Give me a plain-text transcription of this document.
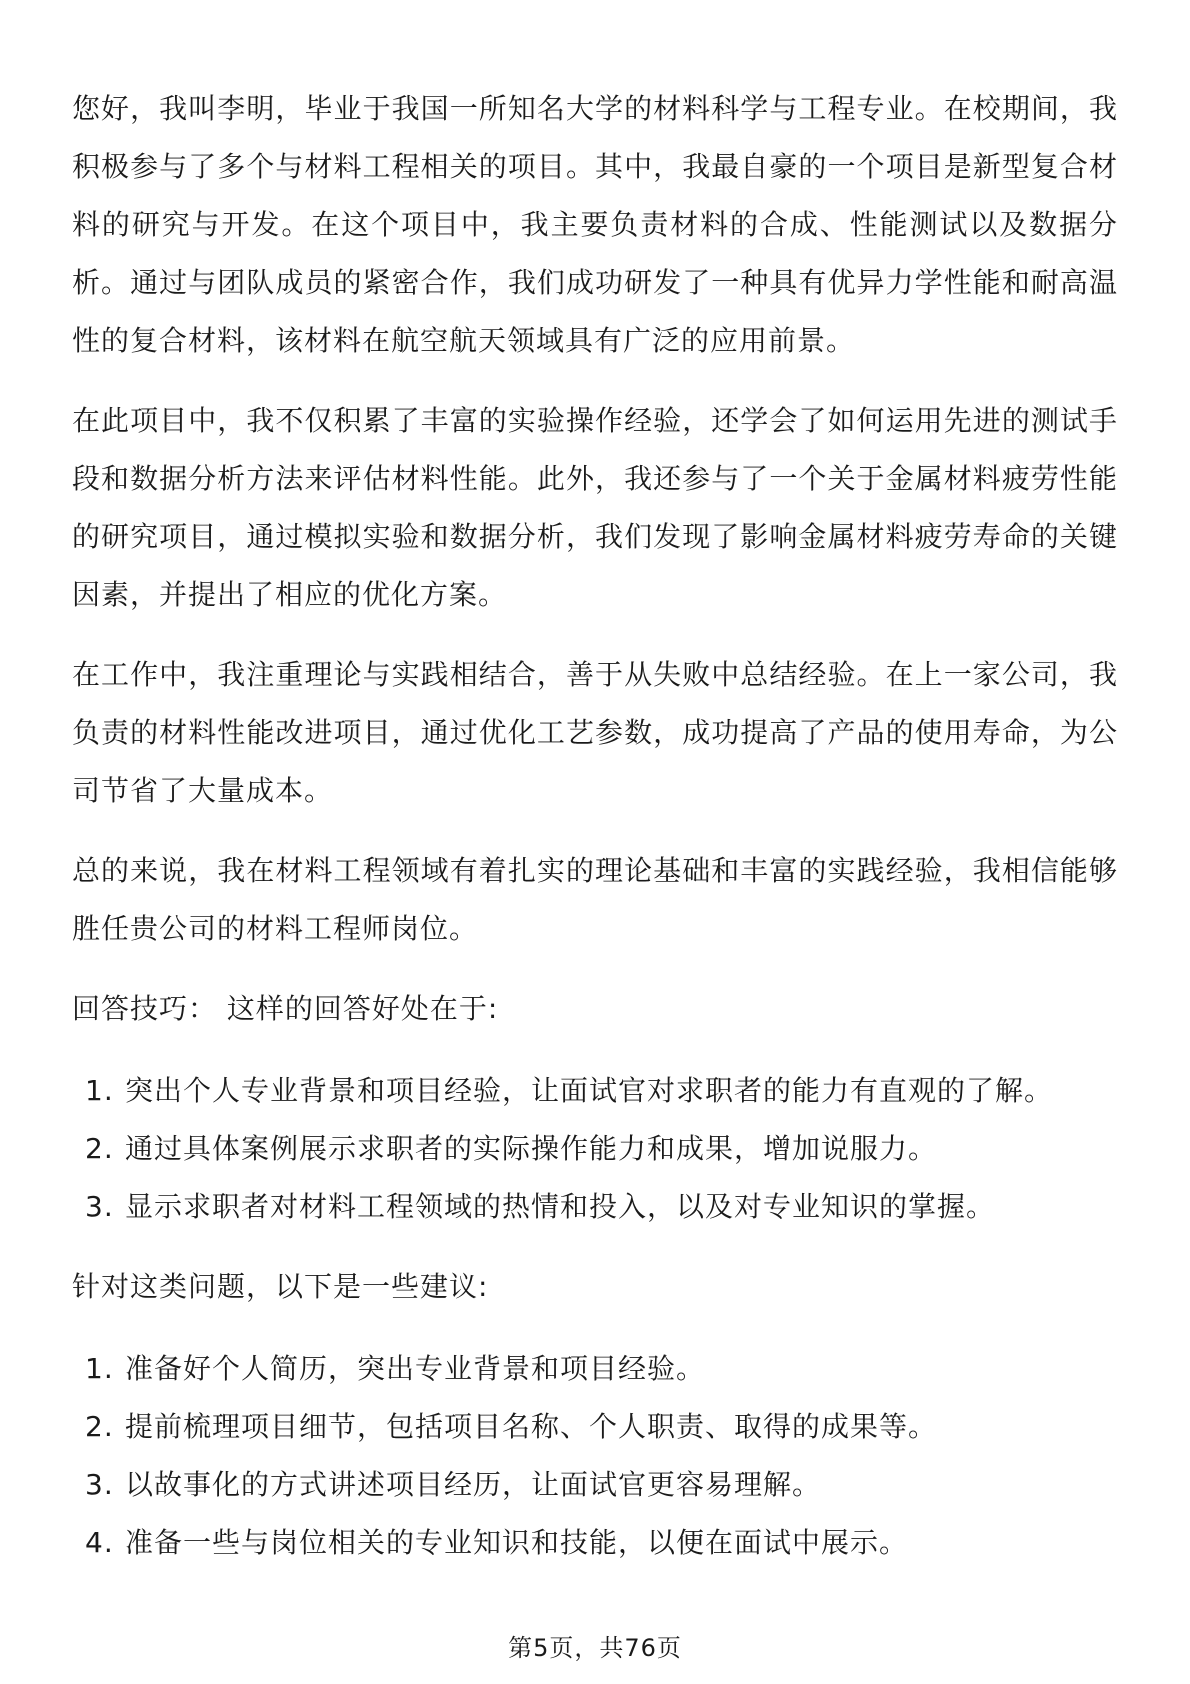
您好，我叫李明，毕业于我国一所知名大学的材料科学与工程专业。在校期间，我积极参与了多个与材料工程相关的项目。其中，我最自豪的一个项目是新型复合材料的研究与开发。在这个项目中，我主要负责材料的合成、性能测试以及数据分析。通过与团队成员的紧密合作，我们成功研发了一种具有优异力学性能和耐高温性的复合材料，该材料在航空航天领域具有广泛的应用前景。

在此项目中，我不仅积累了丰富的实验操作经验，还学会了如何运用先进的测试手段和数据分析方法来评估材料性能。此外，我还参与了一个关于金属材料疲劳性能的研究项目，通过模拟实验和数据分析，我们发现了影响金属材料疲劳寿命的关键因素，并提出了相应的优化方案。

在工作中，我注重理论与实践相结合，善于从失败中总结经验。在上一家公司，我负责的材料性能改进项目，通过优化工艺参数，成功提高了产品的使用寿命，为公司节省了大量成本。

总的来说，我在材料工程领域有着扎实的理论基础和丰富的实践经验，我相信能够胜任贵公司的材料工程师岗位。

回答技巧： 这样的回答好处在于:

1. 突出个人专业背景和项目经验，让面试官对求职者的能力有直观的了解。
2. 通过具体案例展示求职者的实际操作能力和成果，增加说服力。
3. 显示求职者对材料工程领域的热情和投入，以及对专业知识的掌握。

针对这类问题，以下是一些建议:

1. 准备好个人简历，突出专业背景和项目经验。
2. 提前梳理项目细节，包括项目名称、个人职责、取得的成果等。
3. 以故事化的方式讲述项目经历，让面试官更容易理解。
4. 准备一些与岗位相关的专业知识和技能，以便在面试中展示。
第5页，共76页
